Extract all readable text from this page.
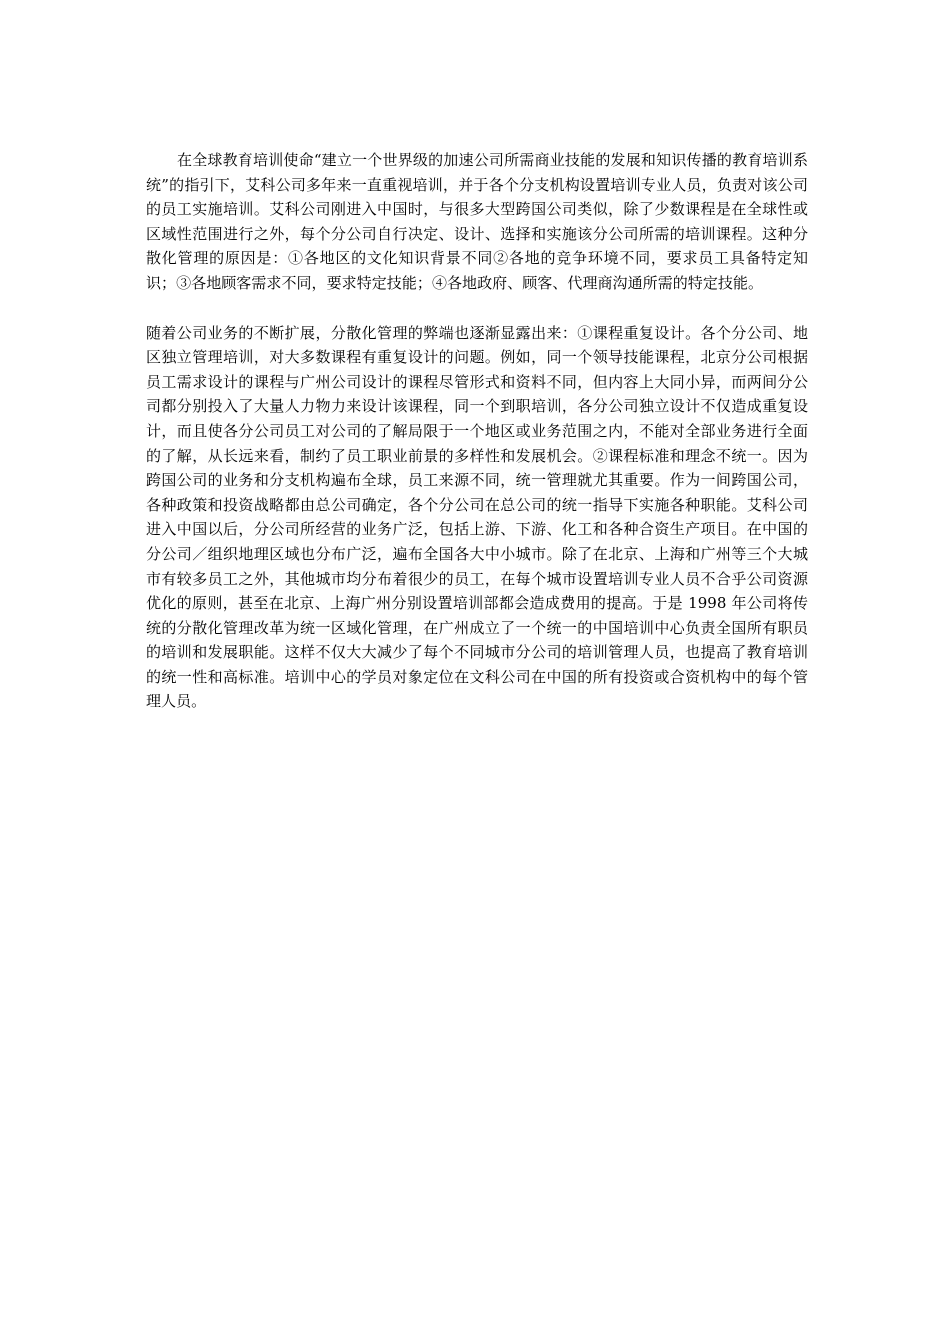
在全球教育培训使命“建立一个世界级的加速公司所需商业技能的发展和知识传播的教育培训系统”的指引下，艾科公司多年来一直重视培训，并于各个分支机构设置培训专业人员，负责对该公司的员工实施培训。艾科公司刚进入中国时，与很多大型跨国公司类似，除了少数课程是在全球性或区域性范围进行之外，每个分公司自行决定、设计、选择和实施该分公司所需的培训课程。这种分散化管理的原因是：①各地区的文化知识背景不同②各地的竞争环境不同，要求员工具备特定知识；③各地顾客需求不同，要求特定技能；④各地政府、顾客、代理商沟通所需的特定技能。

随着公司业务的不断扩展，分散化管理的弊端也逐渐显露出来：①课程重复设计。各个分公司、地区独立管理培训，对大多数课程有重复设计的问题。例如，同一个领导技能课程，北京分公司根据员工需求设计的课程与广州公司设计的课程尽管形式和资料不同，但内容上大同小异，而两间分公司都分别投入了大量人力物力来设计该课程，同一个到职培训，各分公司独立设计不仅造成重复设计，而且使各分公司员工对公司的了解局限于一个地区或业务范围之内，不能对全部业务进行全面的了解，从长远来看，制约了员工职业前景的多样性和发展机会。②课程标准和理念不统一。因为跨国公司的业务和分支机构遍布全球，员工来源不同，统一管理就尤其重要。作为一间跨国公司，各种政策和投资战略都由总公司确定，各个分公司在总公司的统一指导下实施各种职能。艾科公司进入中国以后，分公司所经营的业务广泛，包括上游、下游、化工和各种合资生产项目。在中国的分公司／组织地理区域也分布广泛，遍布全国各大中小城市。除了在北京、上海和广州等三个大城市有较多员工之外，其他城市均分布着很少的员工，在每个城市设置培训专业人员不合乎公司资源优化的原则，甚至在北京、上海广州分别设置培训部都会造成费用的提高。于是 1998 年公司将传统的分散化管理改革为统一区域化管理，在广州成立了一个统一的中国培训中心负责全国所有职员的培训和发展职能。这样不仅大大减少了每个不同城市分公司的培训管理人员，也提高了教育培训的统一性和高标准。培训中心的学员对象定位在文科公司在中国的所有投资或合资机构中的每个管理人员。
